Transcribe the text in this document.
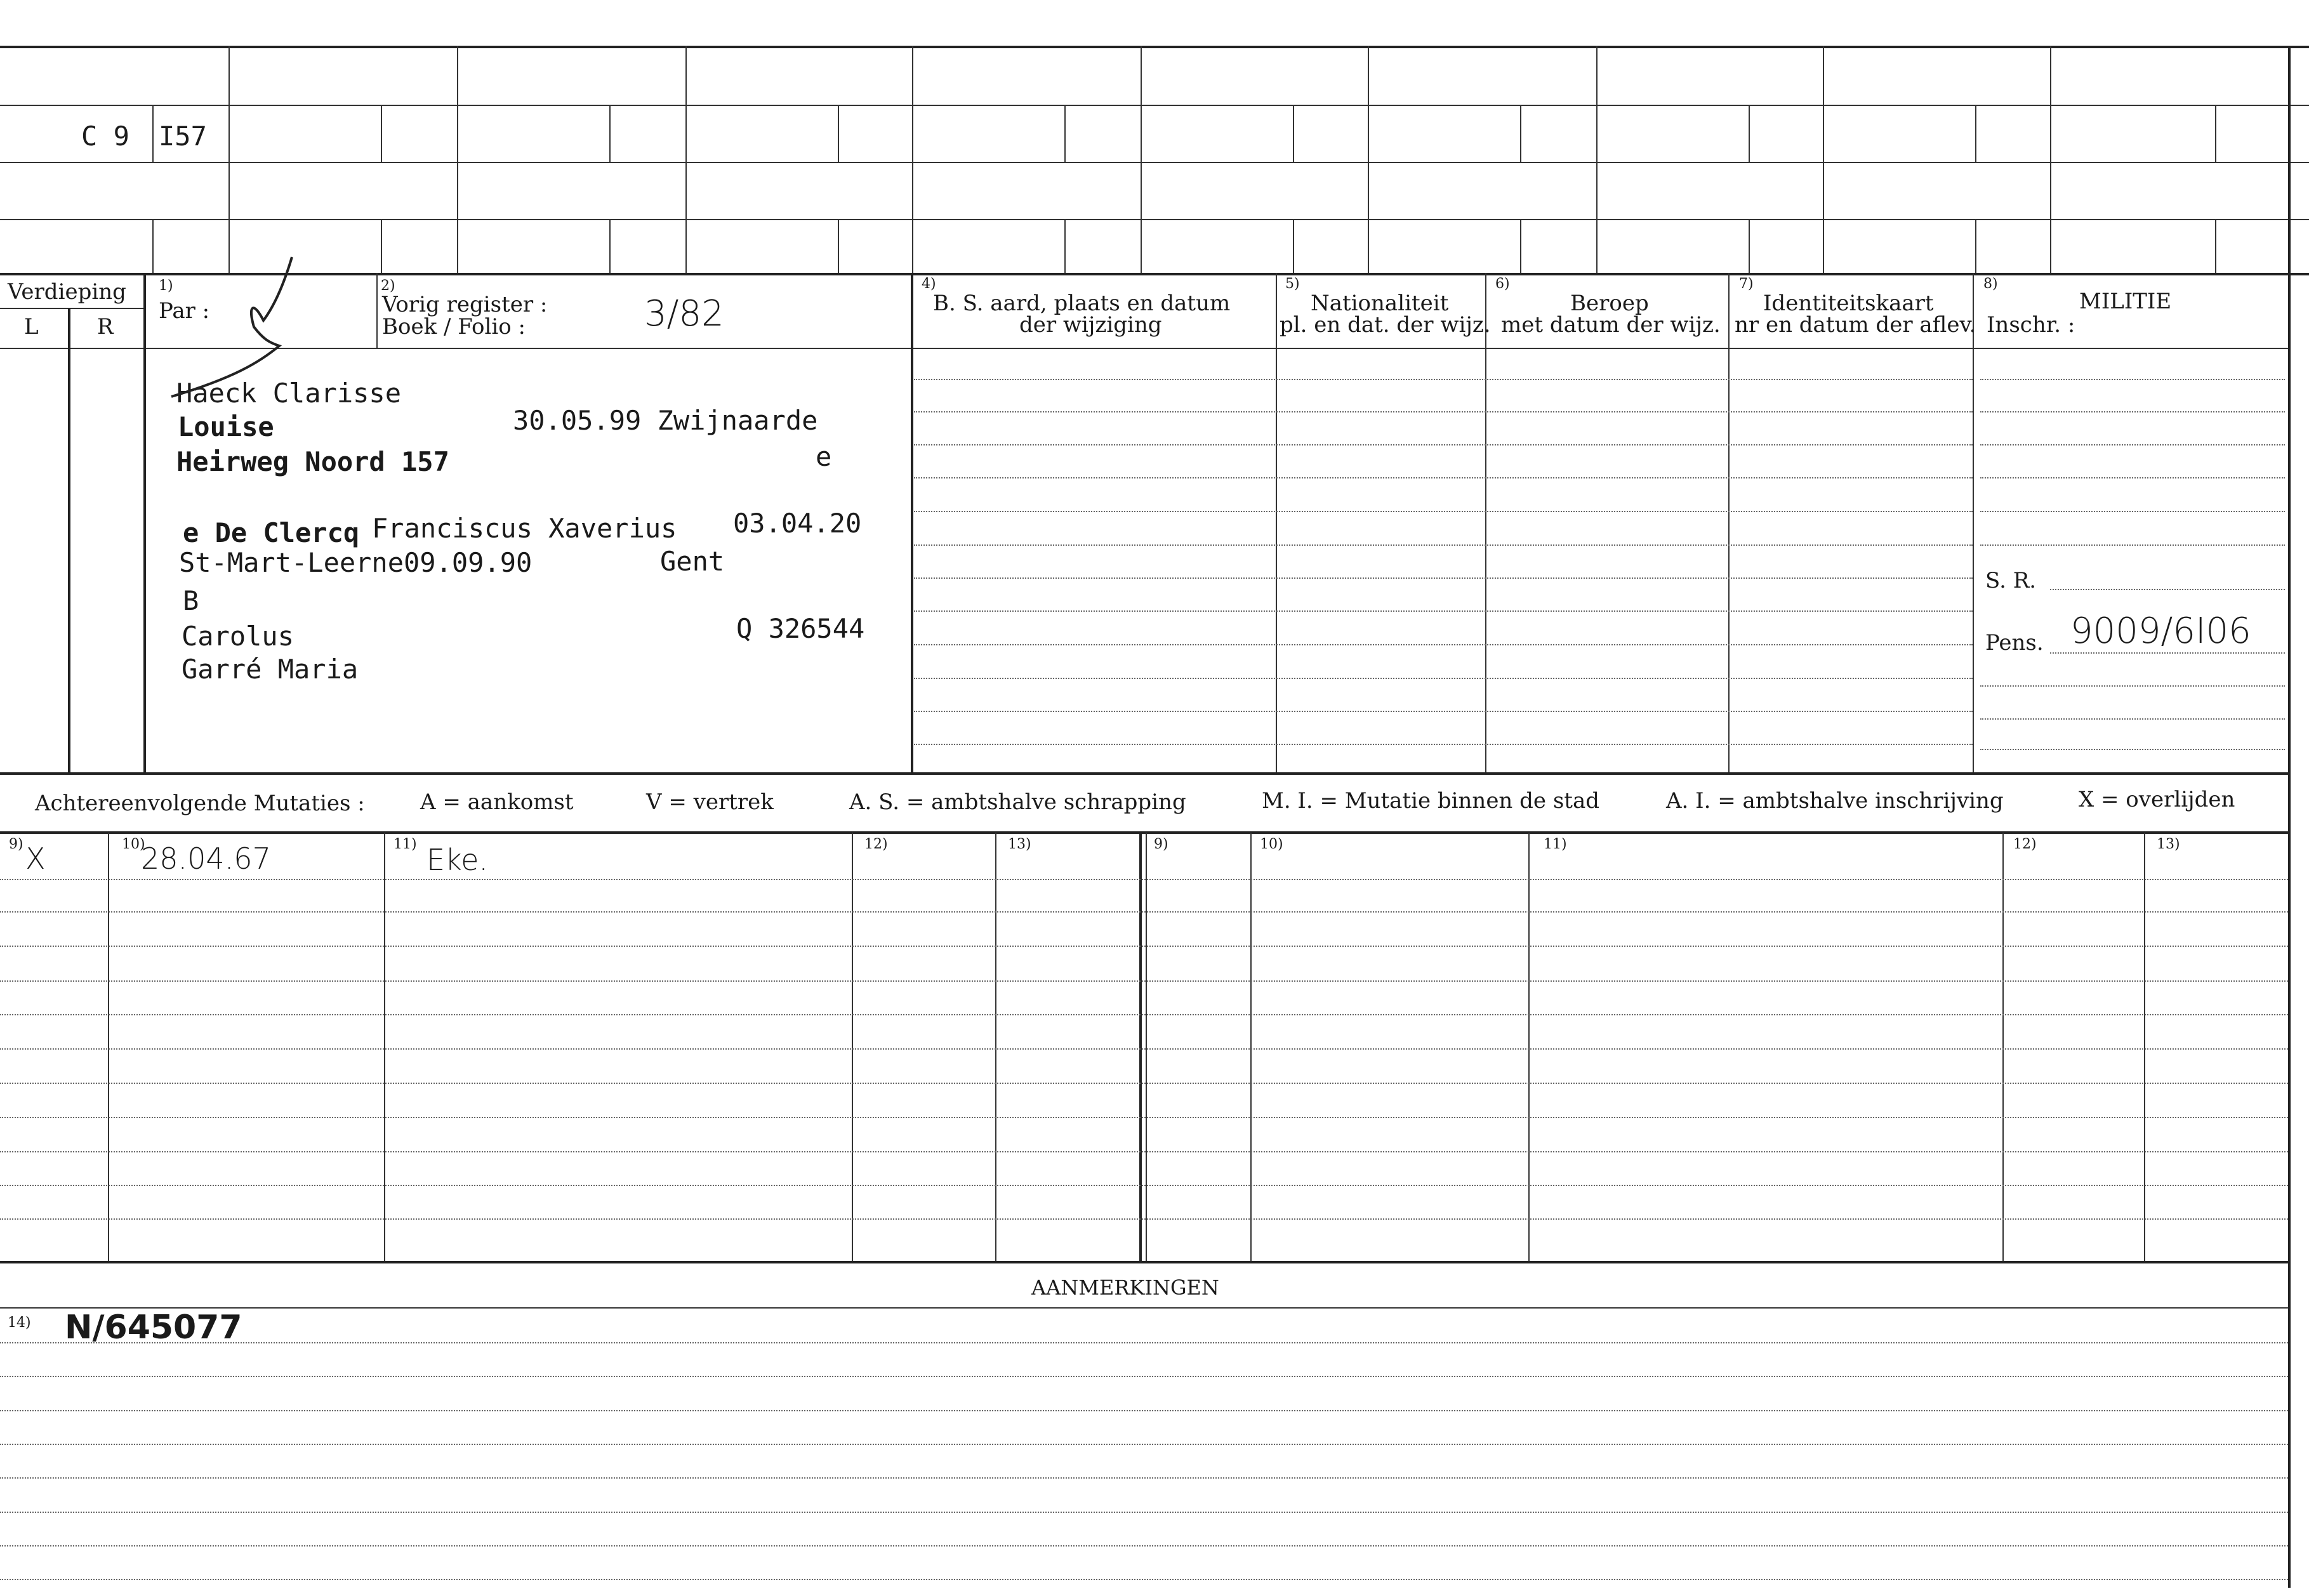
C 9 I57
Verdieping
L	R
1)
Par :
2)
Vorig register :
Boek / Folio :	3/82
4)
B. S. aard, plaats en datum
der wijziging
5)
Nationaliteit
pl. en dat. der wijz.
6)
Beroep
met datum der wijz.
7)
Identiteitskaart
nr en datum der aflev.
8)
MILITIE
Inschr. :
S. R.
Pens. 9009/6I06
Haeck Clarisse
Louise	30.05.99 Zwijnaarde
Heirweg Noord 157	e
e De Clercq Franciscus Xaverius 03.04.20
St-Mart-Leerne09.09.90	Gent
B
Carolus	Q 326544
Garré Maria
Achtereenvolgende Mutaties :	A = aankomst	V = vertrek	A. S. = ambtshalve schrapping	M. I. = Mutatie binnen de stad	A. I. = ambtshalve inschrijving	X = overlijden
9)	10)	11)	12)	13)	9)	10)	11)	12)	13)
X	28.04.67	Eke.
AANMERKINGEN
14) N/645077
